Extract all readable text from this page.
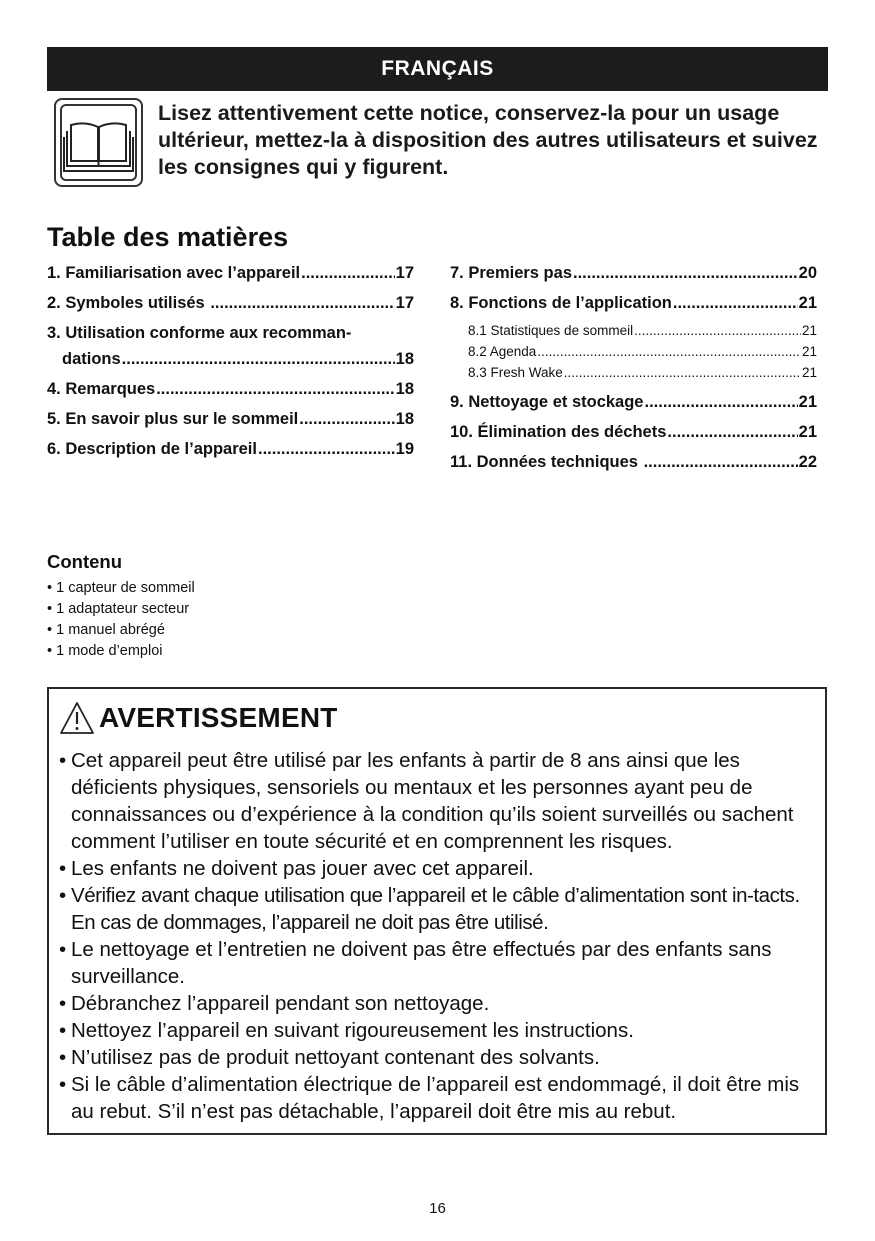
FRANÇAIS
Lisez attentivement cette notice, conservez-la pour un usage ultérieur, mettez-la à disposition des autres utilisateurs et suivez les consignes qui y figurent.
Table des matières
1. Familiarisation avec l’appareil .....	17
2. Symboles utilisés .....	17
3. Utilisation conforme aux recomman-
dations .....	18
4. Remarques .....	18
5. En savoir plus sur le sommeil .....	18
6. Description de l’appareil .....	19
7. Premiers pas .....	20
8. Fonctions de l’application .....	21
8.1 Statistiques de sommeil .....	21
8.2 Agenda .....	21
8.3 Fresh Wake .....	21
9. Nettoyage et stockage .....	21
10. Élimination des déchets .....	21
11. Données techniques .....	22
Contenu
• 1 capteur de sommeil
• 1 adaptateur secteur
• 1 manuel abrégé
• 1 mode d’emploi
AVERTISSEMENT
• Cet appareil peut être utilisé par les enfants à partir de 8 ans ainsi que les déficients physiques, sensoriels ou mentaux et les personnes ayant peu de connaissances ou d’expérience à la condition qu’ils soient surveillés ou sachent comment l’utiliser en toute sécurité et en comprennent les risques.
• Les enfants ne doivent pas jouer avec cet appareil.
• Vérifiez avant chaque utilisation que l’appareil et le câble d’alimentation sont in-tacts. En cas de dommages, l’appareil ne doit pas être utilisé.
• Le nettoyage et l’entretien ne doivent pas être effectués par des enfants sans surveillance.
• Débranchez l’appareil pendant son nettoyage.
• Nettoyez l’appareil en suivant rigoureusement les instructions.
• N’utilisez pas de produit nettoyant contenant des solvants.
• Si le câble d’alimentation électrique de l’appareil est endommagé, il doit être mis au rebut. S’il n’est pas détachable, l’appareil doit être mis au rebut.
16
